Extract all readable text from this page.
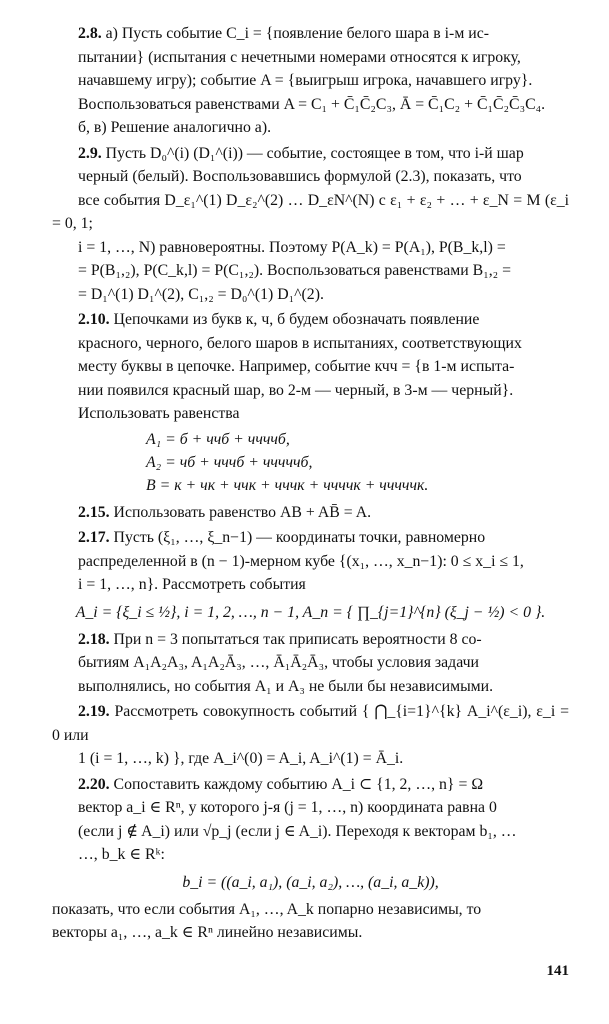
2.8. а) Пусть событие C_i = {появление белого шара в i-м ис-
пытании} (испытания с нечетными номерами относятся к игроку,
начавшему игру); событие A = {выигрыш игрока, начавшего игру}.
Воспользоваться равенствами A = C₁ + C̄₁C̄₂C₃, Ā = C̄₁C₂ + C̄₁C̄₂C̄₃C₄.
б, в) Решение аналогично а).
2.9. Пусть D₀^(i) (D₁^(i)) — событие, состоящее в том, что i-й шар
черный (белый). Воспользовавшись формулой (2.3), показать, что
все события D_ε₁^(1) D_ε₂^(2) … D_εN^(N) с ε₁ + ε₂ + … + ε_N = M (ε_i = 0, 1;
i = 1, …, N) равновероятны. Поэтому P(A_k) = P(A₁), P(B_k,l) =
= P(B₁,₂), P(C_k,l) = P(C₁,₂). Воспользоваться равенствами B₁,₂ =
= D₁^(1) D₁^(2), C₁,₂ = D₀^(1) D₁^(2).
2.10. Цепочками из букв к, ч, б будем обозначать появление
красного, черного, белого шаров в испытаниях, соответствующих
месту буквы в цепочке. Например, событие кчч = {в 1-м испыта-
нии появился красный шар, во 2-м — черный, в 3-м — черный}.
Использовать равенства
A₁ = б + ччб + ччччб,
A₂ = чб + чччб + чччччб,
B = к + чк + ччк + чччк + ччччк + чччччк.
2.15. Использовать равенство AB + AB̄ = A.
2.17. Пусть (ξ₁, …, ξ_n−1) — координаты точки, равномерно
распределенной в (n − 1)-мерном кубе {(x₁, …, x_n−1): 0 ≤ x_i ≤ 1,
i = 1, …, n}. Рассмотреть события
A_i = {ξ_i ≤ ½}, i = 1, 2, …, n − 1, A_n = { ∏_{j=1}^{n} (ξ_j − ½) < 0 }.
2.18. При n = 3 попытаться так приписать вероятности 8 со-
бытиям A₁A₂A₃, A₁A₂Ā₃, …, Ā₁Ā₂Ā₃, чтобы условия задачи
выполнялись, но события A₁ и A₃ не были бы независимыми.
2.19. Рассмотреть совокупность событий { ⋂_{i=1}^{k} A_i^(ε_i), ε_i = 0 или
1 (i = 1, …, k) }, где A_i^(0) = A_i, A_i^(1) = Ā_i.
2.20. Сопоставить каждому событию A_i ⊂ {1, 2, …, n} = Ω
вектор a_i ∈ Rⁿ, у которого j-я (j = 1, …, n) координата равна 0
(если j ∉ A_i) или √p_j (если j ∈ A_i). Переходя к векторам b₁, …
…, b_k ∈ Rᵏ:
b_i = ((a_i, a₁), (a_i, a₂), …, (a_i, a_k)),
показать, что если события A₁, …, A_k попарно независимы, то
векторы a₁, …, a_k ∈ Rⁿ линейно независимы.
141
